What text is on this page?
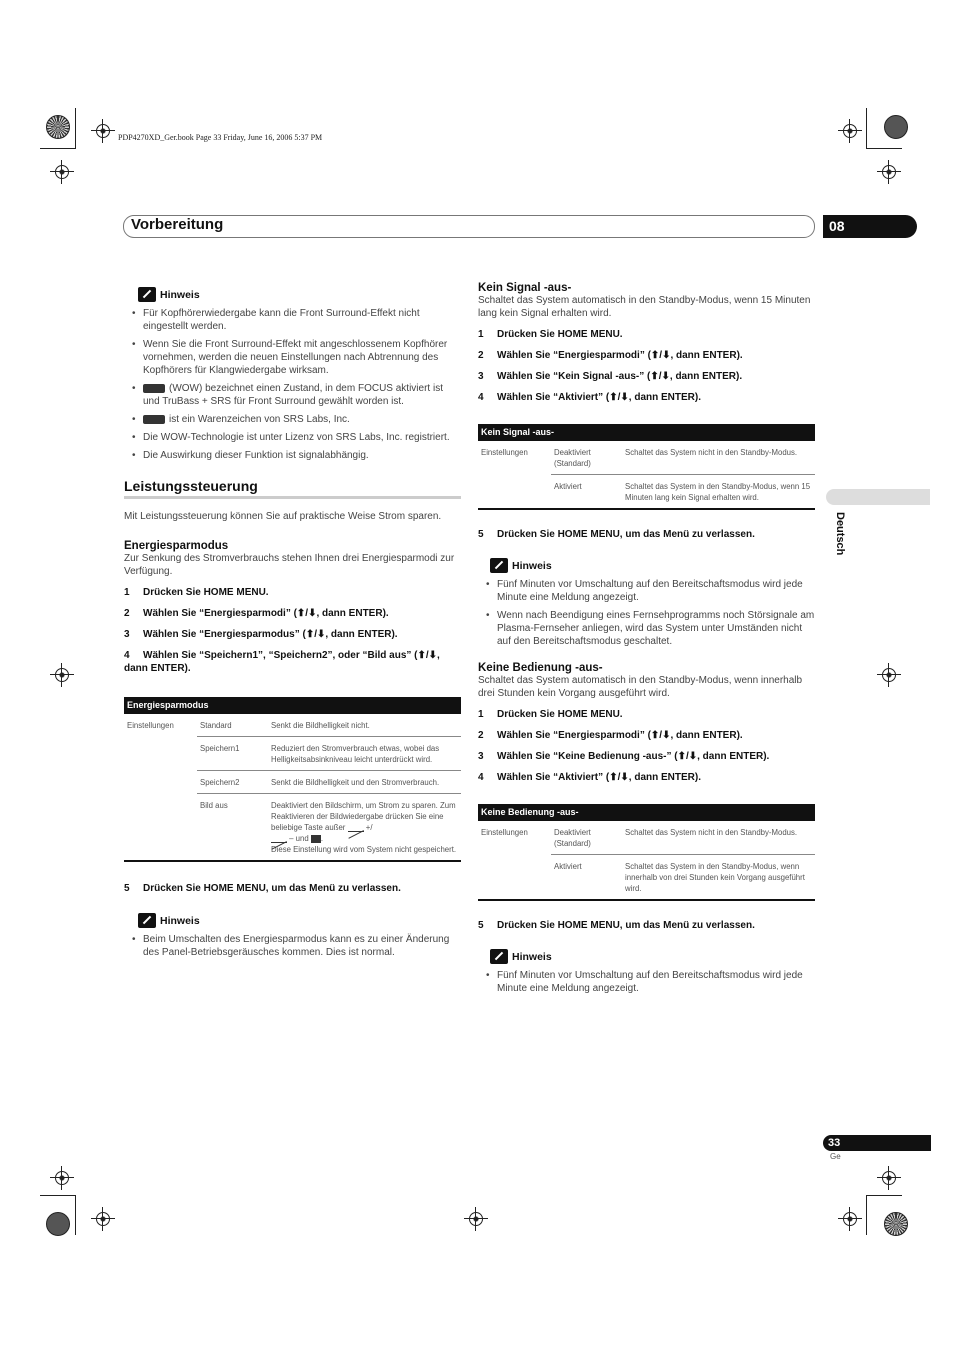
PDP4270XD_Ger.book Page 33 Friday, June 16, 2006 5:37 PM
Vorbereitung	08
Deutsch
Hinweis
• Für Kopfhörerwiedergabe kann die Front Surround-Effekt nicht eingestellt werden.
• Wenn Sie die Front Surround-Effekt mit angeschlossenem Kopfhörer vornehmen, werden die neuen Einstellungen nach Abtrennung des Kopfhörers für Klangwiedergabe wirksam.
• (WOW) bezeichnet einen Zustand, in dem FOCUS aktiviert ist und TruBass + SRS für Front Surround gewählt worden ist.
• ist ein Warenzeichen von SRS Labs, Inc.
• Die WOW-Technologie ist unter Lizenz von SRS Labs, Inc. registriert.
• Die Auswirkung dieser Funktion ist signalabhängig.
Leistungssteuerung
Mit Leistungssteuerung können Sie auf praktische Weise Strom sparen.
Energiesparmodus
Zur Senkung des Stromverbrauchs stehen Ihnen drei Energiesparmodi zur Verfügung.
1 Drücken Sie HOME MENU.
2 Wählen Sie “Energiesparmodi” (⬆/⬇, dann ENTER).
3 Wählen Sie “Energiesparmodus” (⬆/⬇, dann ENTER).
4 Wählen Sie “Speichern1”, “Speichern2”, oder “Bild aus” (⬆/⬇, dann ENTER).
Energiesparmodus		
Einstellungen	Standard	Senkt die Bildhelligkeit nicht.
	Speichern1	Reduziert den Stromverbrauch etwas, wobei das Helligkeitsabsinkniveau leicht unterdrückt wird.
	Speichern2	Senkt die Bildhelligkeit und den Stromverbrauch.
	Bild aus	Deaktiviert den Bildschirm, um Strom zu sparen. Zum Reaktivieren der Bildwiedergabe drücken Sie eine beliebige Taste außer  +/
– und .
Diese Einstellung wird vom System nicht gespeichert.
5 Drücken Sie HOME MENU, um das Menü zu verlassen.
Hinweis
• Beim Umschalten des Energiesparmodus kann es zu einer Änderung des Panel-Betriebsgeräusches kommen. Dies ist normal.
Kein Signal -aus-
Schaltet das System automatisch in den Standby-Modus, wenn 15 Minuten lang kein Signal erhalten wird.
1 Drücken Sie HOME MENU.
2 Wählen Sie “Energiesparmodi” (⬆/⬇, dann ENTER).
3 Wählen Sie “Kein Signal -aus-” (⬆/⬇, dann ENTER).
4 Wählen Sie “Aktiviert” (⬆/⬇, dann ENTER).
Kein Signal -aus-		
Einstellungen	Deaktiviert (Standard)	Schaltet das System nicht in den Standby-Modus.
	Aktiviert	Schaltet das System in den Standby-Modus, wenn 15 Minuten lang kein Signal erhalten wird.
5 Drücken Sie HOME MENU, um das Menü zu verlassen.
Hinweis
• Fünf Minuten vor Umschaltung auf den Bereitschaftsmodus wird jede Minute eine Meldung angezeigt.
• Wenn nach Beendigung eines Fernsehprogramms noch Störsignale am Plasma-Fernseher anliegen, wird das System unter Umständen nicht auf den Bereitschaftsmodus geschaltet.
Keine Bedienung -aus-
Schaltet das System automatisch in den Standby-Modus, wenn innerhalb drei Stunden kein Vorgang ausgeführt wird.
1 Drücken Sie HOME MENU.
2 Wählen Sie “Energiesparmodi” (⬆/⬇, dann ENTER).
3 Wählen Sie “Keine Bedienung -aus-” (⬆/⬇, dann ENTER).
4 Wählen Sie “Aktiviert” (⬆/⬇, dann ENTER).
Keine Bedienung -aus-		
Einstellungen	Deaktiviert (Standard)	Schaltet das System nicht in den Standby-Modus.
	Aktiviert	Schaltet das System in den Standby-Modus, wenn innerhalb von drei Stunden kein Vorgang ausgeführt wird.
5 Drücken Sie HOME MENU, um das Menü zu verlassen.
Hinweis
• Fünf Minuten vor Umschaltung auf den Bereitschaftsmodus wird jede Minute eine Meldung angezeigt.
33
Ge
